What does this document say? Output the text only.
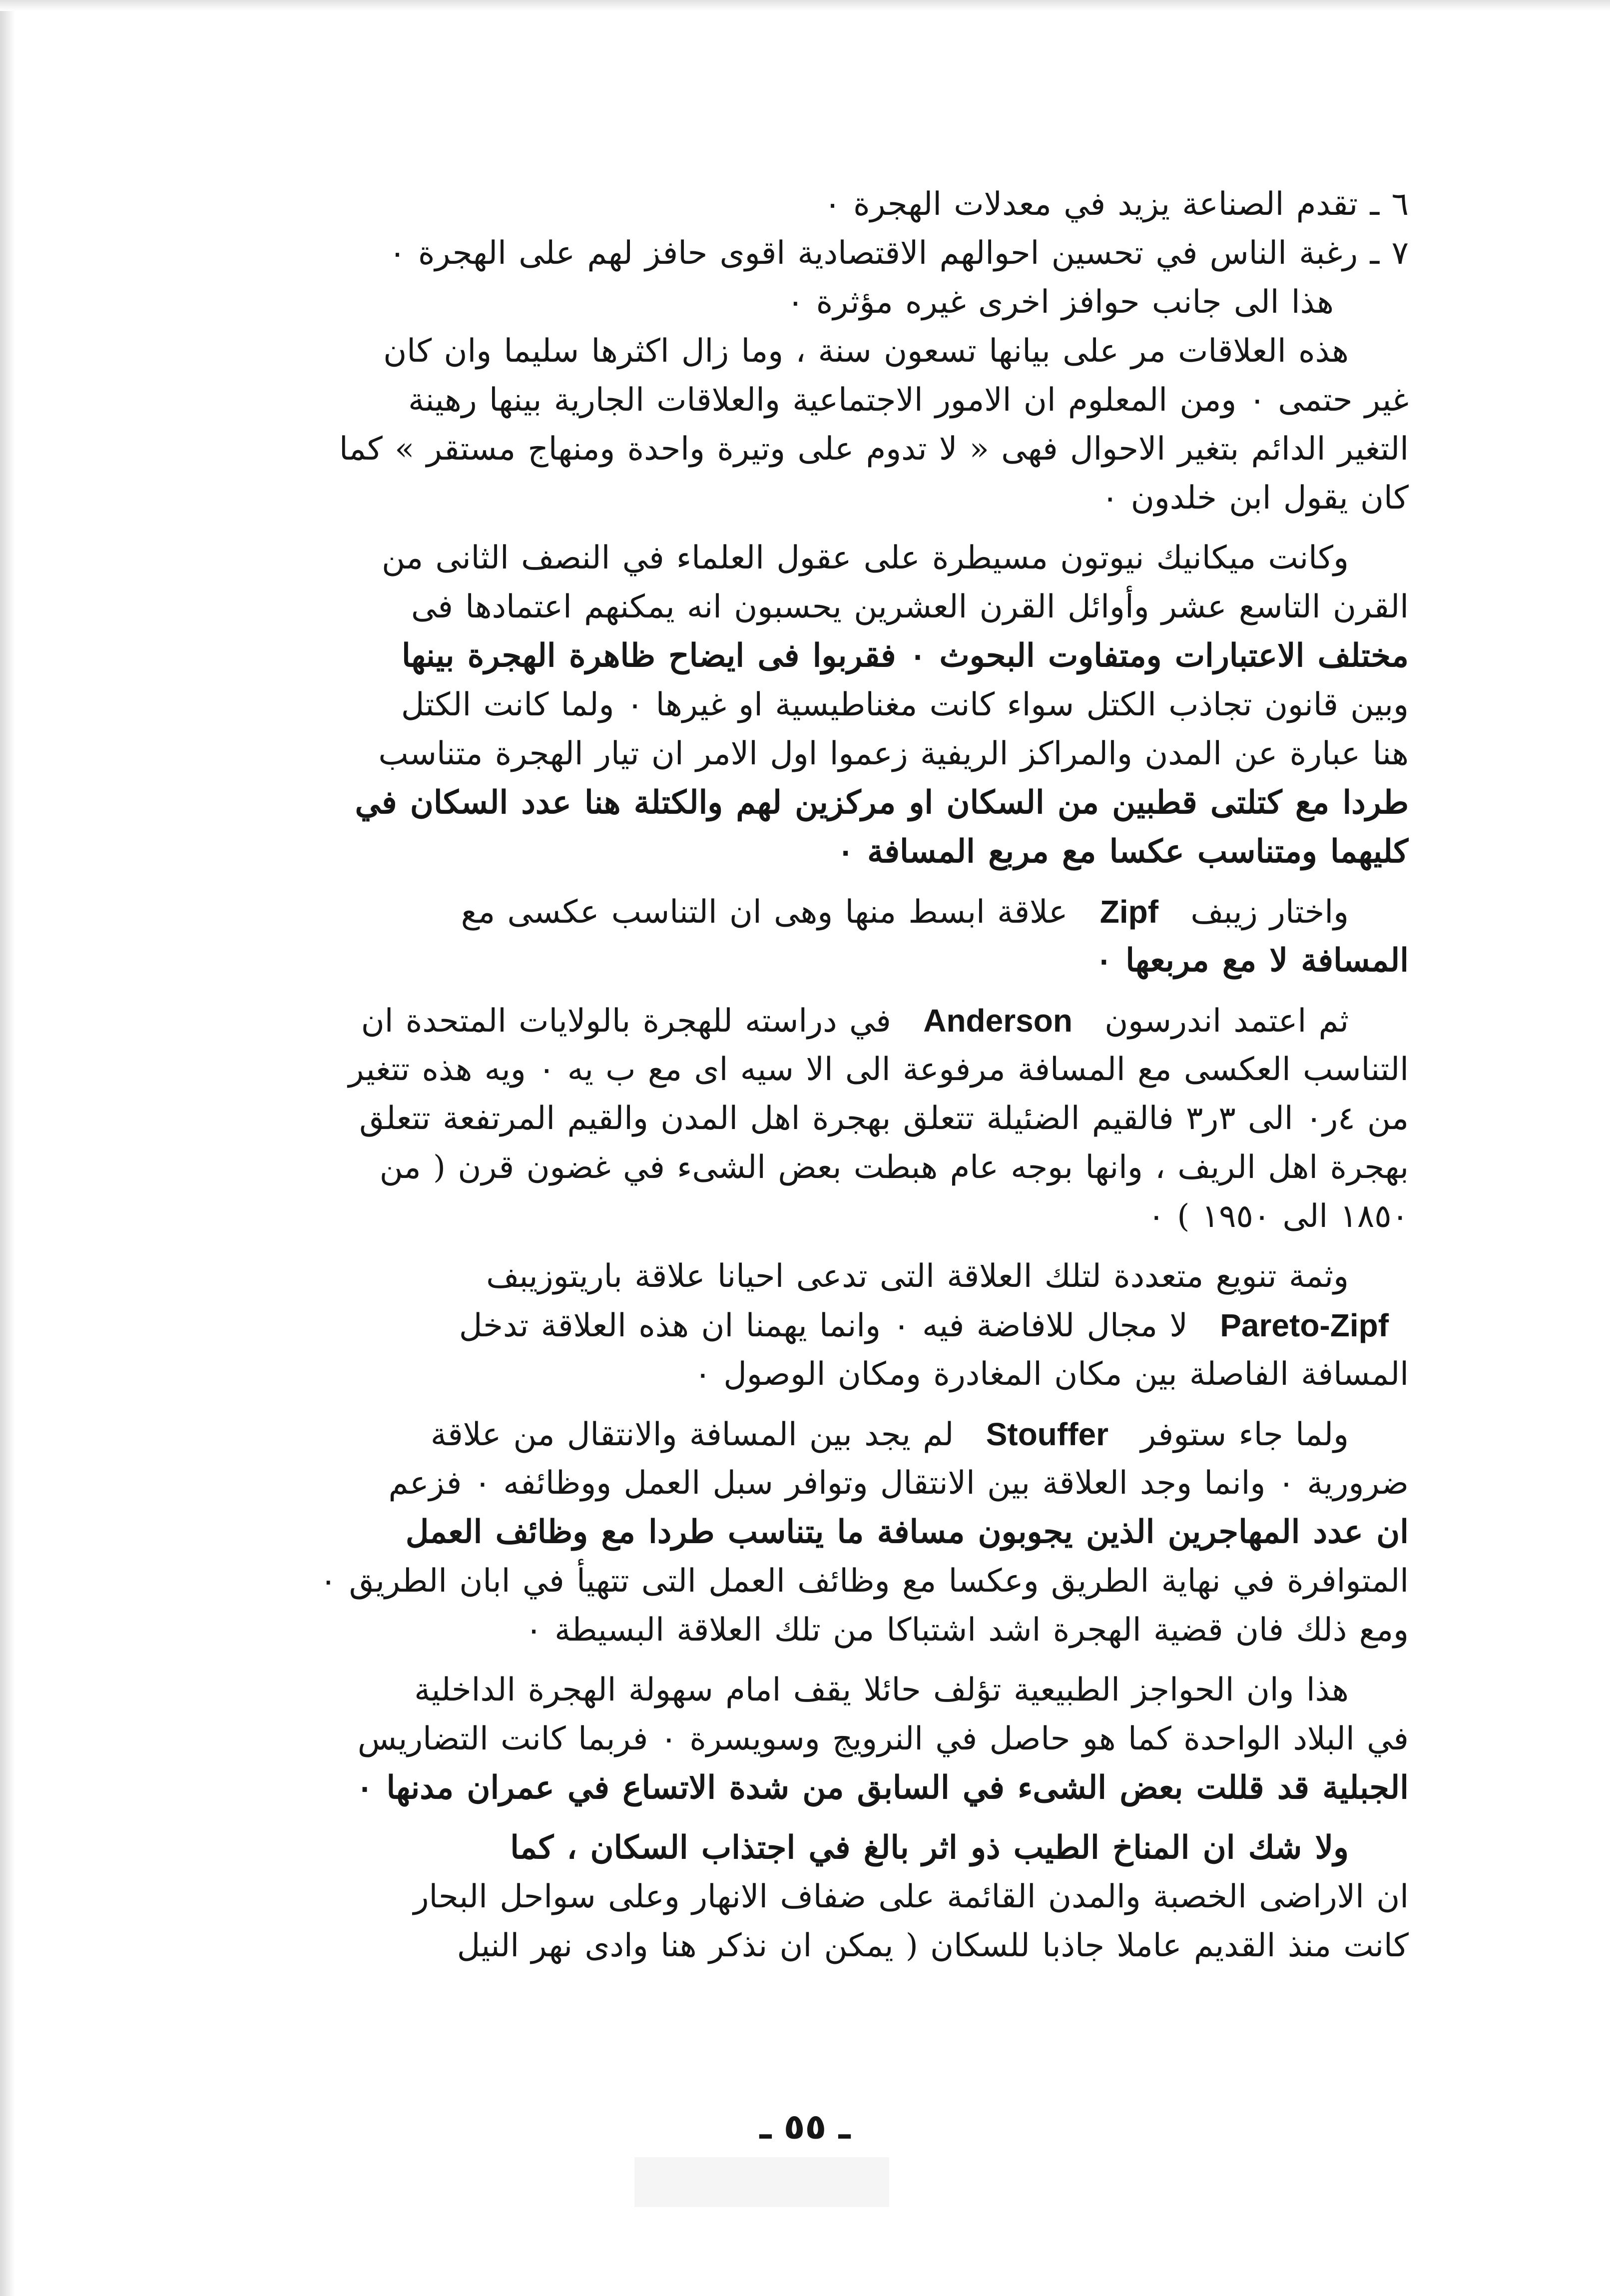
٦ ـ تقدم الصناعة يزيد في معدلات الهجرة ٠
٧ ـ رغبة الناس في تحسين احوالهم الاقتصادية اقوى حافز لهم على الهجرة ٠
هذا الى جانب حوافز اخرى غيره مؤثرة ٠
هذه العلاقات مر على بيانها تسعون سنة ، وما زال اكثرها سليما وان كان
غير حتمى ٠ ومن المعلوم ان الامور الاجتماعية والعلاقات الجارية بينها رهينة
التغير الدائم بتغير الاحوال فهى « لا تدوم على وتيرة واحدة ومنهاج مستقر » كما
كان يقول ابن خلدون ٠
وكانت ميكانيك نيوتون مسيطرة على عقول العلماء في النصف الثانى من
القرن التاسع عشر وأوائل القرن العشرين يحسبون انه يمكنهم اعتمادها فى
مختلف الاعتبارات ومتفاوت البحوث ٠ فقربوا فى ايضاح ظاهرة الهجرة بينها
وبين قانون تجاذب الكتل سواء كانت مغناطيسية او غيرها ٠ ولما كانت الكتل
هنا عبارة عن المدن والمراكز الريفية زعموا اول الامر ان تيار الهجرة متناسب
طردا مع كتلتى قطبين من السكان او مركزين لهم والكتلة هنا عدد السكان في
كليهما ومتناسب عكسا مع مربع المسافة ٠
واختار زيبف Zipf علاقة ابسط منها وهى ان التناسب عكسى مع
المسافة لا مع مربعها ٠
ثم اعتمد اندرسون Anderson في دراسته للهجرة بالولايات المتحدة ان
التناسب العكسى مع المسافة مرفوعة الى الا سيه اى مع ب يه ٠ ويه هذه تتغير
من ٤ر٠ الى ٣ر٣ فالقيم الضئيلة تتعلق بهجرة اهل المدن والقيم المرتفعة تتعلق
بهجرة اهل الريف ، وانها بوجه عام هبطت بعض الشىء في غضون قرن ( من
١٨٥٠ الى ١٩٥٠ ) ٠
وثمة تنويع متعددة لتلك العلاقة التى تدعى احيانا علاقة باريتوزيبف
Pareto-Zipf لا مجال للافاضة فيه ٠ وانما يهمنا ان هذه العلاقة تدخل
المسافة الفاصلة بين مكان المغادرة ومكان الوصول ٠
ولما جاء ستوفر Stouffer لم يجد بين المسافة والانتقال من علاقة
ضرورية ٠ وانما وجد العلاقة بين الانتقال وتوافر سبل العمل ووظائفه ٠ فزعم
ان عدد المهاجرين الذين يجوبون مسافة ما يتناسب طردا مع وظائف العمل
المتوافرة في نهاية الطريق وعكسا مع وظائف العمل التى تتهيأ في ابان الطريق ٠
ومع ذلك فان قضية الهجرة اشد اشتباكا من تلك العلاقة البسيطة ٠
هذا وان الحواجز الطبيعية تؤلف حائلا يقف امام سهولة الهجرة الداخلية
في البلاد الواحدة كما هو حاصل في النرويج وسويسرة ٠ فربما كانت التضاريس
الجبلية قد قللت بعض الشىء في السابق من شدة الاتساع في عمران مدنها ٠
ولا شك ان المناخ الطيب ذو اثر بالغ في اجتذاب السكان ، كما
ان الاراضى الخصبة والمدن القائمة على ضفاف الانهار وعلى سواحل البحار
كانت منذ القديم عاملا جاذبا للسكان ( يمكن ان نذكر هنا وادى نهر النيل
ـ ٥٥ ـ
